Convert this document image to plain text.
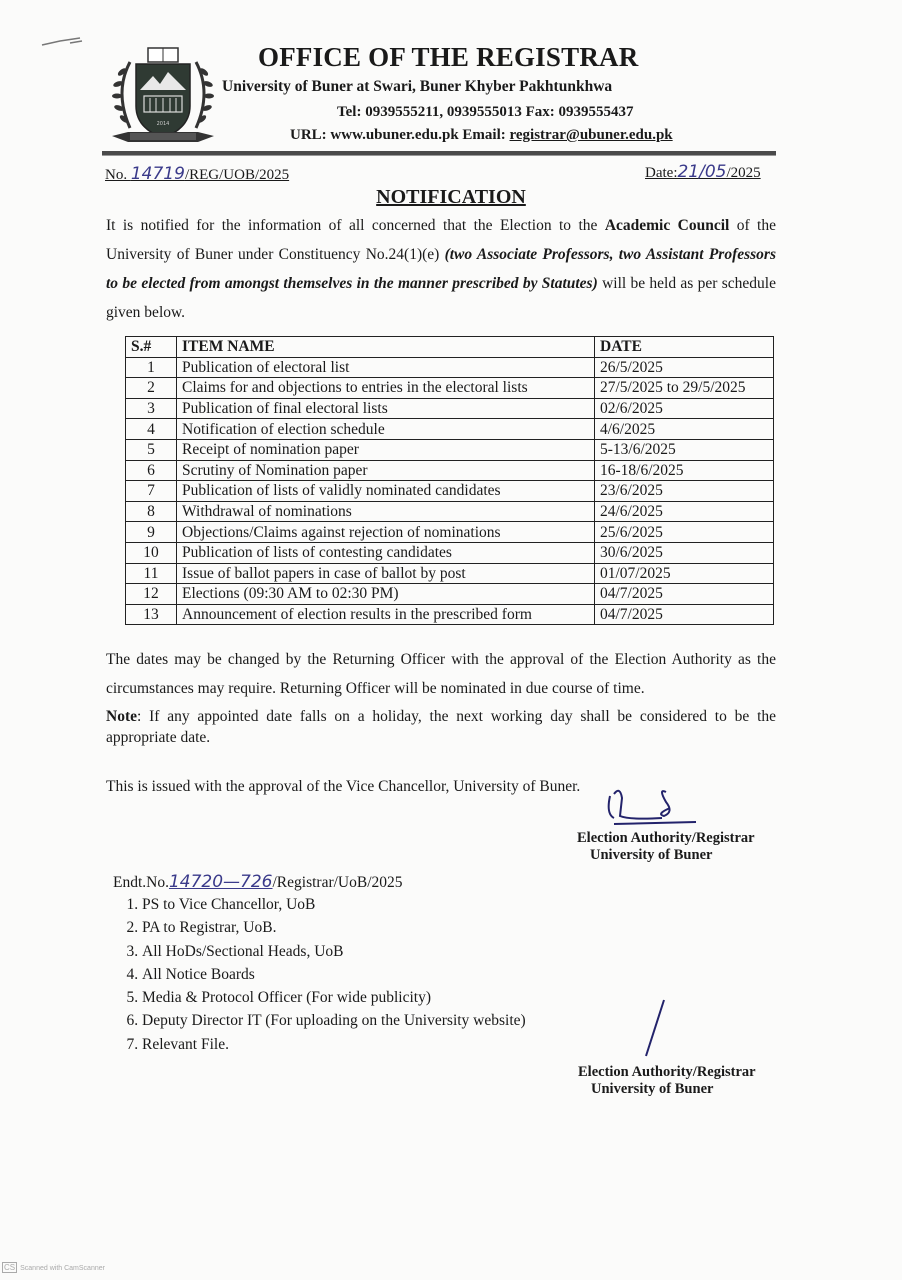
2014
OFFICE OF THE REGISTRAR
University of Buner at Swari, Buner Khyber Pakhtunkhwa
Tel: 0939555211, 0939555013 Fax: 0939555437
URL: www.ubuner.edu.pk Email: registrar@ubuner.edu.pk
No. 14719/REG/UOB/2025	Date:21/05/2025
NOTIFICATION
It is notified for the information of all concerned that the Election to the Academic Council of the University of Buner under Constituency No.24(1)(e) (two Associate Professors, two Assistant Professors to be elected from amongst themselves in the manner prescribed by Statutes) will be held as per schedule given below.
S.#	ITEM NAME	DATE
1	Publication of electoral list	26/5/2025
2	Claims for and objections to entries in the electoral lists	27/5/2025 to 29/5/2025
3	Publication of final electoral lists	02/6/2025
4	Notification of election schedule	4/6/2025
5	Receipt of nomination paper	5-13/6/2025
6	Scrutiny of Nomination paper	16-18/6/2025
7	Publication of lists of validly nominated candidates	23/6/2025
8	Withdrawal of nominations	24/6/2025
9	Objections/Claims against rejection of nominations	25/6/2025
10	Publication of lists of contesting candidates	30/6/2025
11	Issue of ballot papers in case of ballot by post	01/07/2025
12	Elections (09:30 AM to 02:30 PM)	04/7/2025
13	Announcement of election results in the prescribed form	04/7/2025
The dates may be changed by the Returning Officer with the approval of the Election Authority as the circumstances may require. Returning Officer will be nominated in due course of time.
Note: If any appointed date falls on a holiday, the next working day shall be considered to be the appropriate date.
This is issued with the approval of the Vice Chancellor, University of Buner.
Election Authority/Registrar
University of Buner
Endt.No.14720—726/Registrar/UoB/2025
1. PS to Vice Chancellor, UoB
2. PA to Registrar, UoB.
3. All HoDs/Sectional Heads, UoB
4. All Notice Boards
5. Media & Protocol Officer (For wide publicity)
6. Deputy Director IT (For uploading on the University website)
7. Relevant File.
Election Authority/Registrar
University of Buner
CS Scanned with CamScanner
